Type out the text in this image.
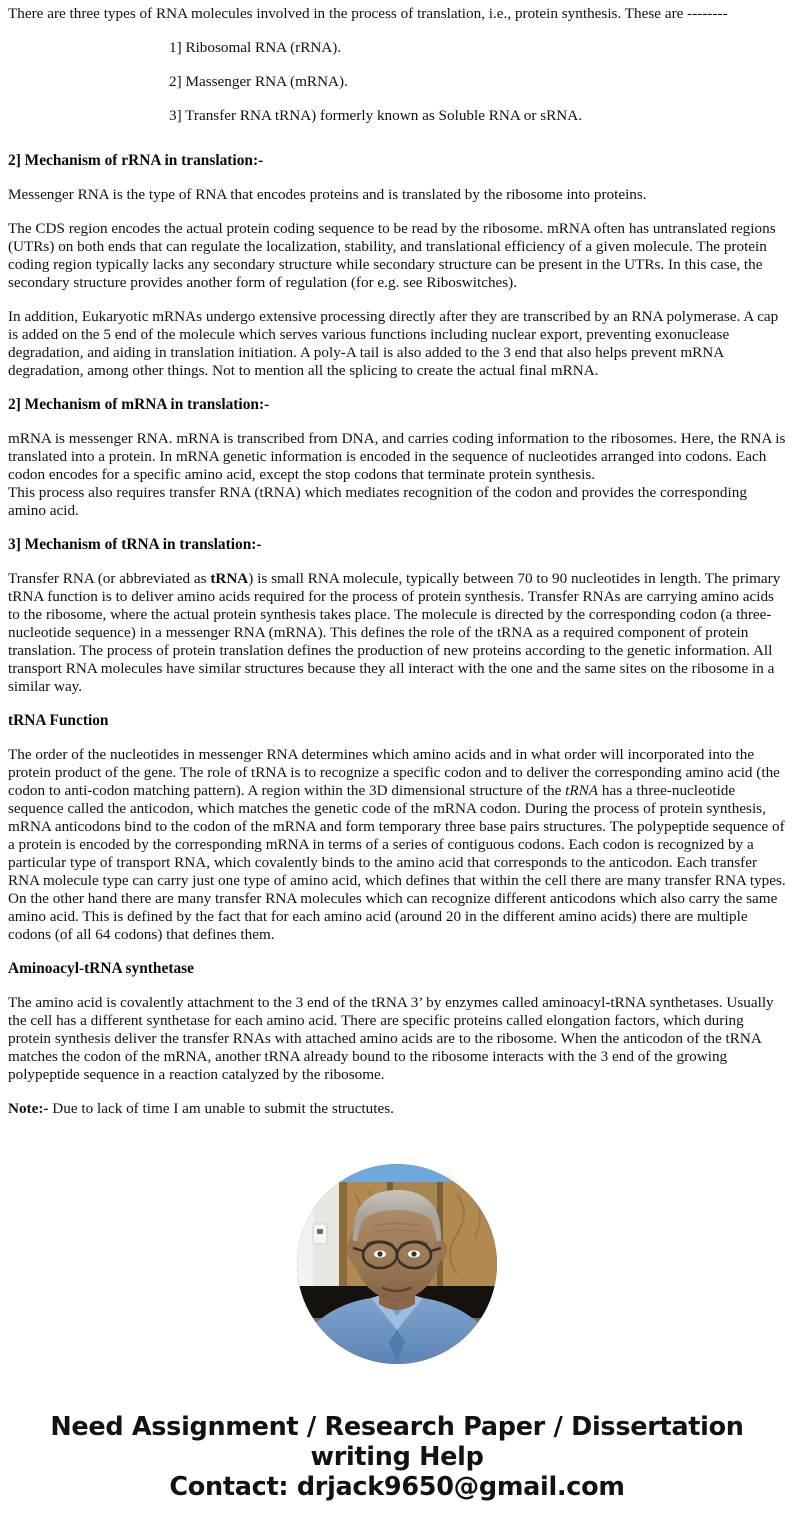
There are three types of RNA molecules involved in the process of translation, i.e., protein synthesis. These are --------

1] Ribosomal RNA (rRNA).
2] Massenger RNA (mRNA).
3] Transfer RNA tRNA) formerly known as Soluble RNA or sRNA.
2] Mechanism of rRNA in translation:-

Messenger RNA is the type of RNA that encodes proteins and is translated by the ribosome into proteins.

The CDS region encodes the actual protein coding sequence to be read by the ribosome. mRNA often has untranslated regions (UTRs) on both ends that can regulate the localization, stability, and translational efficiency of a given molecule. The protein coding region typically lacks any secondary structure while secondary structure can be present in the UTRs. In this case, the secondary structure provides another form of regulation (for e.g. see Riboswitches).

In addition, Eukaryotic mRNAs undergo extensive processing directly after they are transcribed by an RNA polymerase. A cap is added on the 5 end of the molecule which serves various functions including nuclear export, preventing exonuclease degradation, and aiding in translation initiation. A poly-A tail is also added to the 3 end that also helps prevent mRNA degradation, among other things. Not to mention all the splicing to create the actual final mRNA.

2] Mechanism of mRNA in translation:-

mRNA is messenger RNA. mRNA is transcribed from DNA, and carries coding information to the ribosomes. Here, the RNA is translated into a protein. In mRNA genetic information is encoded in the sequence of nucleotides arranged into codons. Each codon encodes for a specific amino acid, except the stop codons that terminate protein synthesis.

This process also requires transfer RNA (tRNA) which mediates recognition of the codon and provides the corresponding amino acid.

3] Mechanism of tRNA in translation:-

Transfer RNA (or abbreviated as tRNA) is small RNA molecule, typically between 70 to 90 nucleotides in length. The primary tRNA function is to deliver amino acids required for the process of protein synthesis. Transfer RNAs are carrying amino acids to the ribosome, where the actual protein synthesis takes place. The molecule is directed by the corresponding codon (a three-nucleotide sequence) in a messenger RNA (mRNA). This defines the role of the tRNA as a required component of protein translation. The process of protein translation defines the production of new proteins according to the genetic information. All transport RNA molecules have similar structures because they all interact with the one and the same sites on the ribosome in a similar way.

tRNA Function

The order of the nucleotides in messenger RNA determines which amino acids and in what order will incorporated into the protein product of the gene. The role of tRNA is to recognize a specific codon and to deliver the corresponding amino acid (the codon to anti-codon matching pattern). A region within the 3D dimensional structure of the tRNA has a three-nucleotide sequence called the anticodon, which matches the genetic code of the mRNA codon. During the process of protein synthesis, mRNA anticodons bind to the codon of the mRNA and form temporary three base pairs structures. The polypeptide sequence of a protein is encoded by the corresponding mRNA in terms of a series of contiguous codons. Each codon is recognized by a particular type of transport RNA, which covalently binds to the amino acid that corresponds to the anticodon. Each transfer RNA molecule type can carry just one type of amino acid, which defines that within the cell there are many transfer RNA types. On the other hand there are many transfer RNA molecules which can recognize different anticodons which also carry the same amino acid. This is defined by the fact that for each amino acid (around 20 in the different amino acids) there are multiple codons (of all 64 codons) that defines them.

Aminoacyl-tRNA synthetase

The amino acid is covalently attachment to the 3 end of the tRNA 3’ by enzymes called aminoacyl-tRNA synthetases. Usually the cell has a different synthetase for each amino acid. There are specific proteins called elongation factors, which during protein synthesis deliver the transfer RNAs with attached amino acids are to the ribosome. When the anticodon of the tRNA matches the codon of the mRNA, another tRNA already bound to the ribosome interacts with the 3 end of the growing polypeptide sequence in a reaction catalyzed by the ribosome.

Note:- Due to lack of time I am unable to submit the structutes.

Need Assignment / Research Paper / Dissertation
writing Help
Contact: drjack9650@gmail.com
